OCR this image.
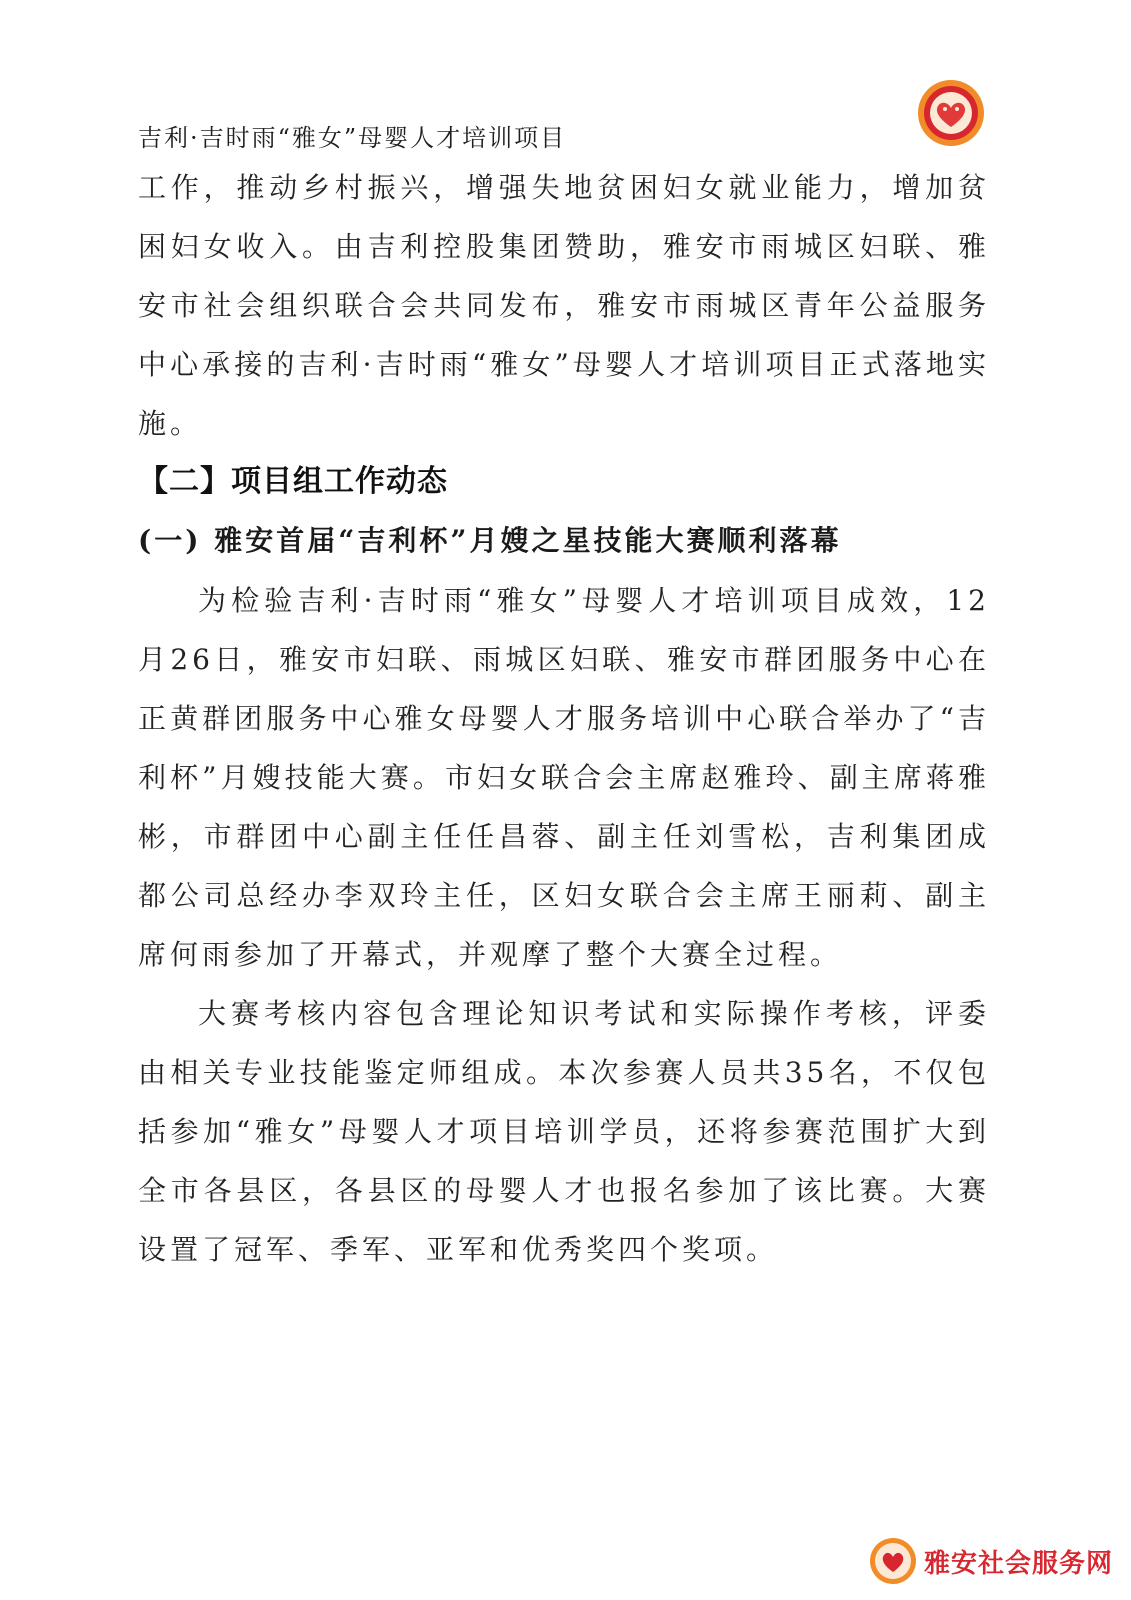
吉利·吉时雨“雅女”母婴人才培训项目

工作，推动乡村振兴，增强失地贫困妇女就业能力，增加贫困妇女收入。由吉利控股集团赞助，雅安市雨城区妇联、雅安市社会组织联合会共同发布，雅安市雨城区青年公益服务中心承接的吉利·吉时雨“雅女”母婴人才培训项目正式落地实施。

【二】项目组工作动态
(一) 雅安首届“吉利杯”月嫂之星技能大赛顺利落幕

为检验吉利·吉时雨“雅女”母婴人才培训项目成效，12月26日，雅安市妇联、雨城区妇联、雅安市群团服务中心在正黄群团服务中心雅女母婴人才服务培训中心联合举办了“吉利杯”月嫂技能大赛。市妇女联合会主席赵雅玲、副主席蒋雅彬，市群团中心副主任任昌蓉、副主任刘雪松，吉利集团成都公司总经办李双玲主任，区妇女联合会主席王丽莉、副主席何雨参加了开幕式，并观摩了整个大赛全过程。

大赛考核内容包含理论知识考试和实际操作考核，评委由相关专业技能鉴定师组成。本次参赛人员共35名，不仅包括参加“雅女”母婴人才项目培训学员，还将参赛范围扩大到全市各县区，各县区的母婴人才也报名参加了该比赛。大赛设置了冠军、季军、亚军和优秀奖四个奖项。

雅安社会服务网
